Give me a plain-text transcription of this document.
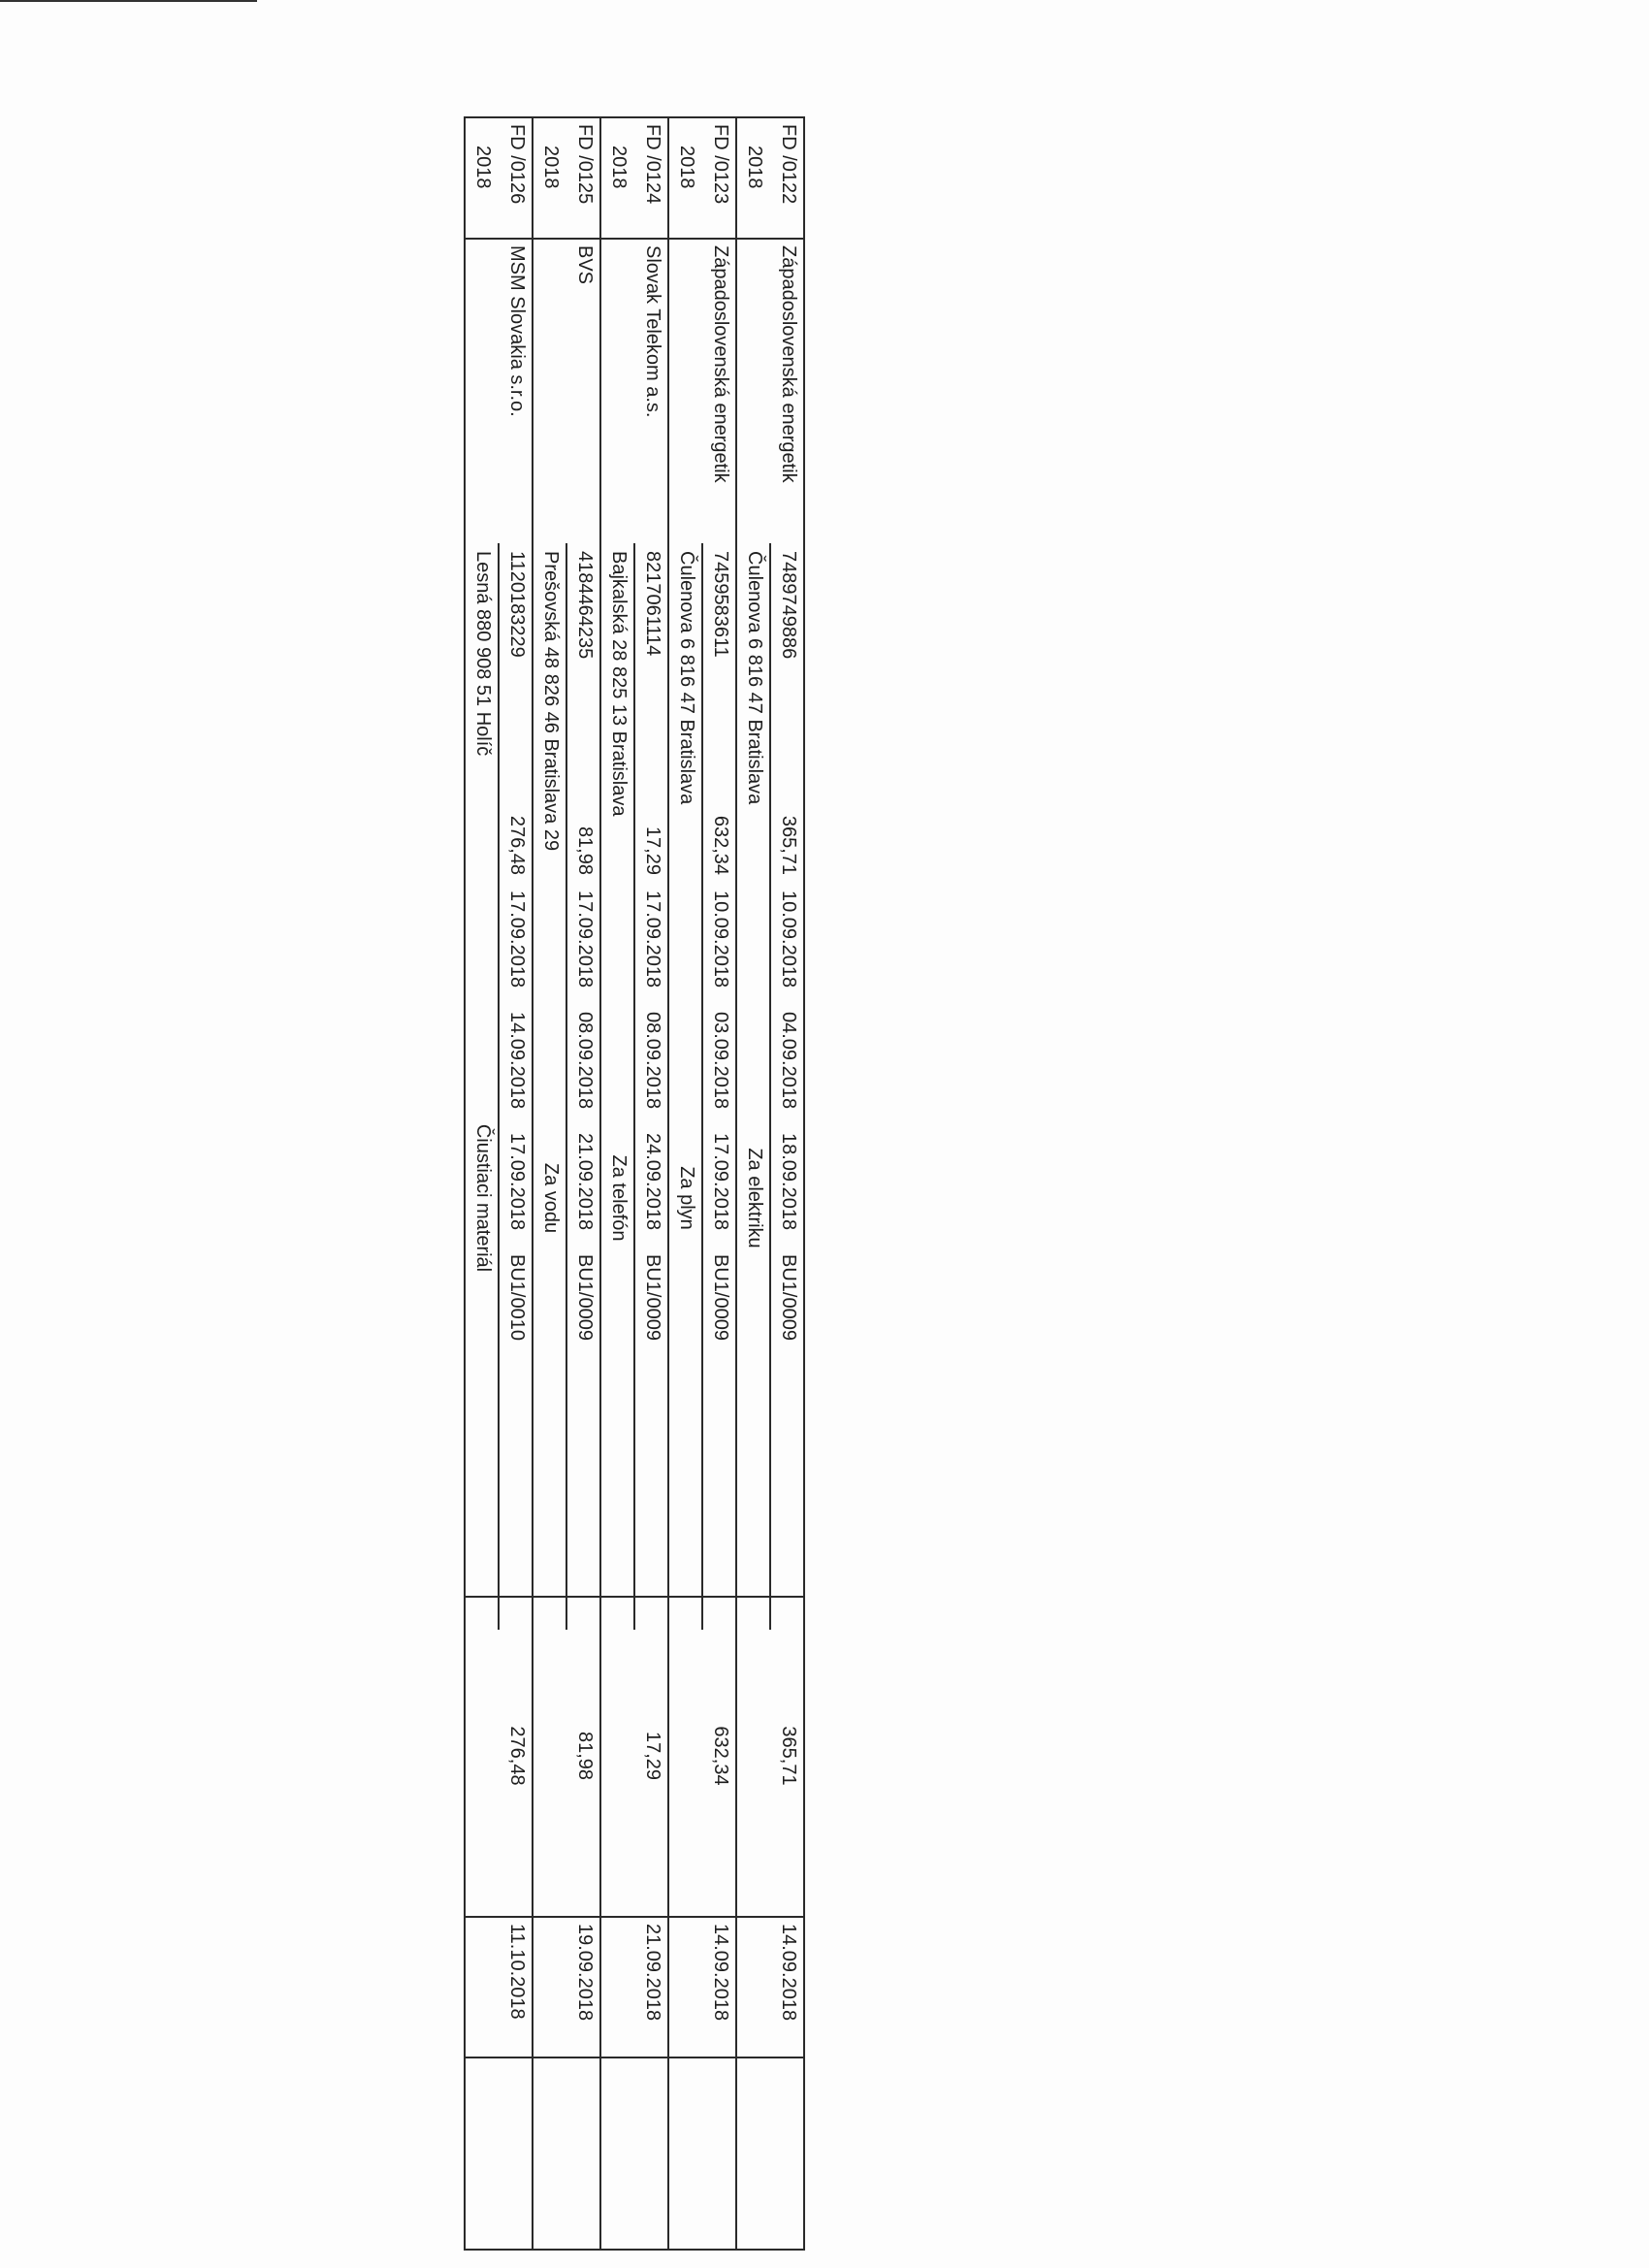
FD /0122
Západoslovenská energetik
7489749886
365,71
10.09.2018
04.09.2018
18.09.2018
BU1/0009
365,71
14.09.2018
2018
Čulenova 6 816 47 Bratislava
Za elektriku
FD /0123
Západoslovenská energetik
7459583611
632,34
10.09.2018
03.09.2018
17.09.2018
BU1/0009
632,34
14.09.2018
2018
Čulenova 6 816 47 Bratislava
Za plyn
FD /0124
Slovak Telekom a.s.
8217061114
17,29
17.09.2018
08.09.2018
24.09.2018
BU1/0009
17,29
21.09.2018
2018
Bajkalská 28 825 13 Bratislava
Za telefón
FD /0125
BVS
4184464235
81,98
17.09.2018
08.09.2018
21.09.2018
BU1/0009
81,98
19.09.2018
2018
Prešovská 48 826 46 Bratislava 29
Za vodu
FD /0126
MSM Slovakia s.r.o.
1120183229
276,48
17.09.2018
14.09.2018
17.09.2018
BU1/0010
276,48
11.10.2018
2018
Lesná 880 908 51 Holíč
Čiustiaci materiál
